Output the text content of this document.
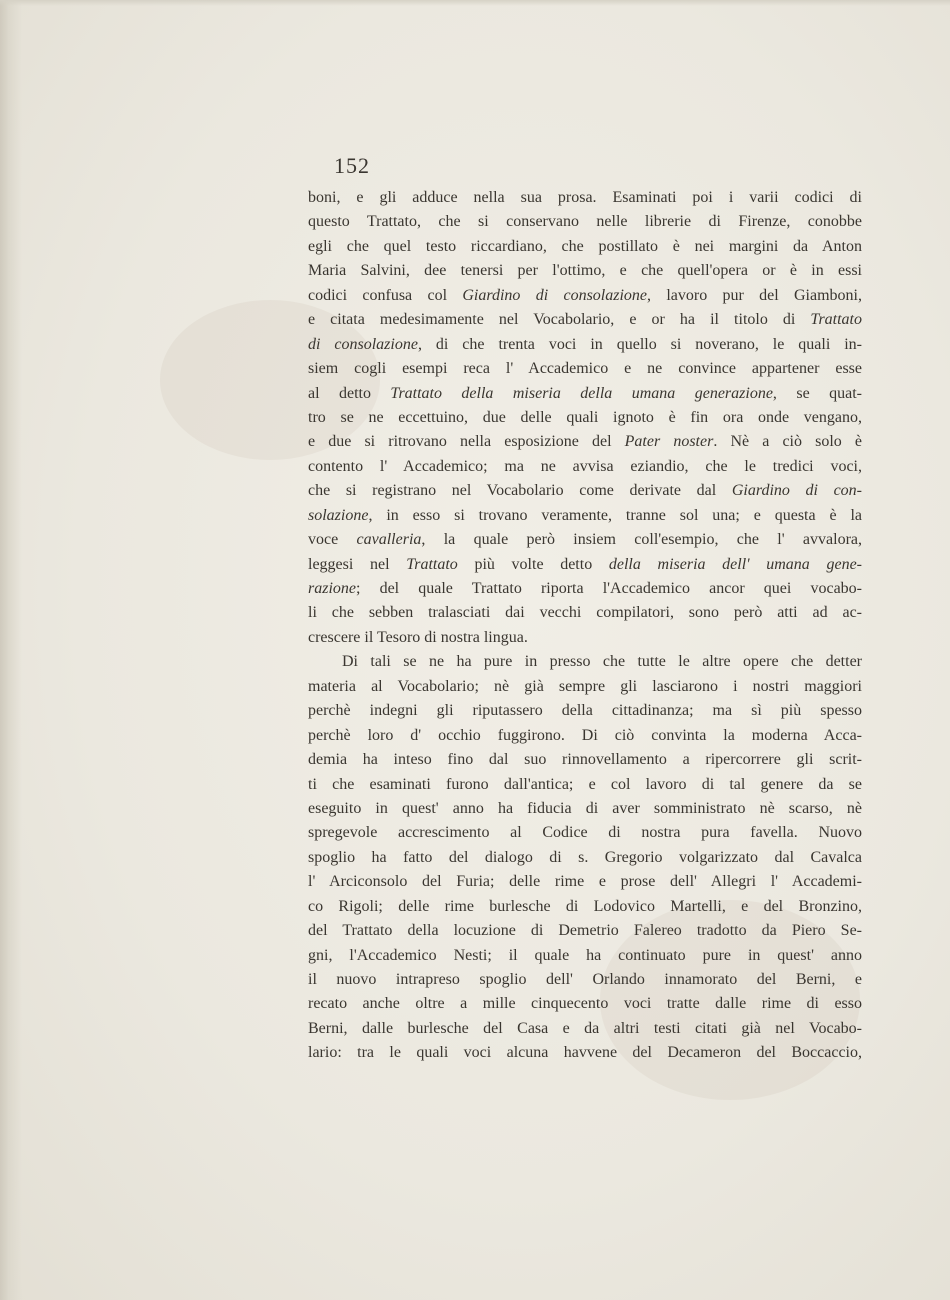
152
boni, e gli adduce nella sua prosa. Esaminati poi i varii codici di
questo Trattato, che si conservano nelle librerie di Firenze, conobbe
egli che quel testo riccardiano, che postillato è nei margini da Anton
Maria Salvini, dee tenersi per l'ottimo, e che quell'opera or è in essi
codici confusa col Giardino di consolazione, lavoro pur del Giamboni,
e citata medesimamente nel Vocabolario, e or ha il titolo di Trattato
di consolazione, di che trenta voci in quello si noverano, le quali in-
siem cogli esempi reca l' Accademico e ne convince appartener esse
al detto Trattato della miseria della umana generazione, se quat-
tro se ne eccettuino, due delle quali ignoto è fin ora onde vengano,
e due si ritrovano nella esposizione del Pater noster. Nè a ciò solo è
contento l' Accademico; ma ne avvisa eziandio, che le tredici voci,
che si registrano nel Vocabolario come derivate dal Giardino di con-
solazione, in esso si trovano veramente, tranne sol una; e questa è la
voce cavalleria, la quale però insiem coll'esempio, che l' avvalora,
leggesi nel Trattato più volte detto della miseria dell' umana gene-
razione; del quale Trattato riporta l'Accademico ancor quei vocabo-
li che sebben tralasciati dai vecchi compilatori, sono però atti ad ac-
crescere il Tesoro di nostra lingua.
Di tali se ne ha pure in presso che tutte le altre opere che detter
materia al Vocabolario; nè già sempre gli lasciarono i nostri maggiori
perchè indegni gli riputassero della cittadinanza; ma sì più spesso
perchè loro d' occhio fuggirono. Di ciò convinta la moderna Acca-
demia ha inteso fino dal suo rinnovellamento a ripercorrere gli scrit-
ti che esaminati furono dall'antica; e col lavoro di tal genere da se
eseguito in quest' anno ha fiducia di aver somministrato nè scarso, nè
spregevole accrescimento al Codice di nostra pura favella. Nuovo
spoglio ha fatto del dialogo di s. Gregorio volgarizzato dal Cavalca
l' Arciconsolo del Furia; delle rime e prose dell' Allegri l' Accademi-
co Rigoli; delle rime burlesche di Lodovico Martelli, e del Bronzino,
del Trattato della locuzione di Demetrio Falereo tradotto da Piero Se-
gni, l'Accademico Nesti; il quale ha continuato pure in quest' anno
il nuovo intrapreso spoglio dell' Orlando innamorato del Berni, e
recato anche oltre a mille cinquecento voci tratte dalle rime di esso
Berni, dalle burlesche del Casa e da altri testi citati già nel Vocabo-
lario: tra le quali voci alcuna havvene del Decameron del Boccaccio,
